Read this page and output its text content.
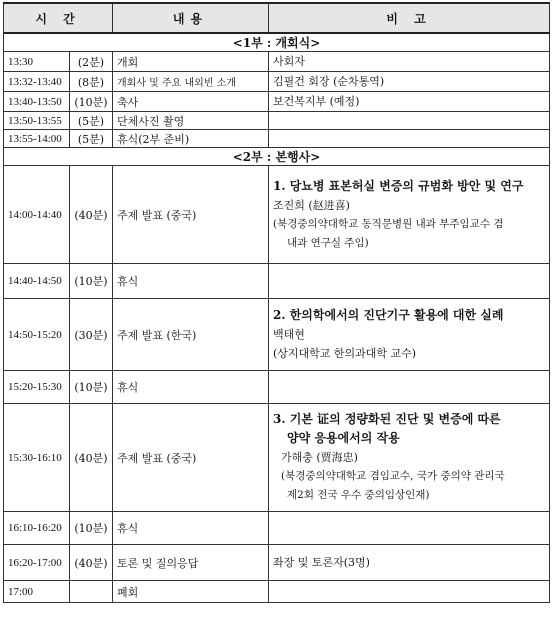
시 간		내용	비 고
<1부 : 개회식>			
13:30	(2분)	개회	사회자
13:32-13:40	(8분)	개회사 및 주요 내외빈 소개	김필건 회장 (순차통역)
13:40-13:50	(10분)	축사	보건복지부 (예정)
13:50-13:55	(5분)	단체사진 촬영	
13:55-14:00	(5분)	휴식(2부 준비)	
<2부 : 본행사>			
14:00-14:40	(40분)	주제 발표 (중국)	1. 당뇨병 표본허실 변증의 규범화 방안 및 연구
조진희 (赵进喜)
(북경중의약대학교 동직문병원 내과 부주임교수 겸
내과 연구실 주임)

14:40-14:50	(10분)	휴식	
14:50-15:20	(30분)	주제 발표 (한국)	2. 한의학에서의 진단기구 활용에 대한 실례
백태현
(상지대학교 한의과대학 교수)
15:20-15:30	(10분)	휴식	
15:30-16:10	(40분)	주제 발표 (중국)	3. 기본 证의 정량화된 진단 및 변증에 따른

양약 응용에서의 작용
가해충 (贾海忠)
(북경중의약대학교 겸임교수, 국가 중의약 관리국
제2회 전국 우수 중의임상인재)

16:10-16:20	(10분)	휴식	
16:20-17:00	(40분)	토론 및 질의응답	좌장 및 토론자(3명)
17:00		폐회	
